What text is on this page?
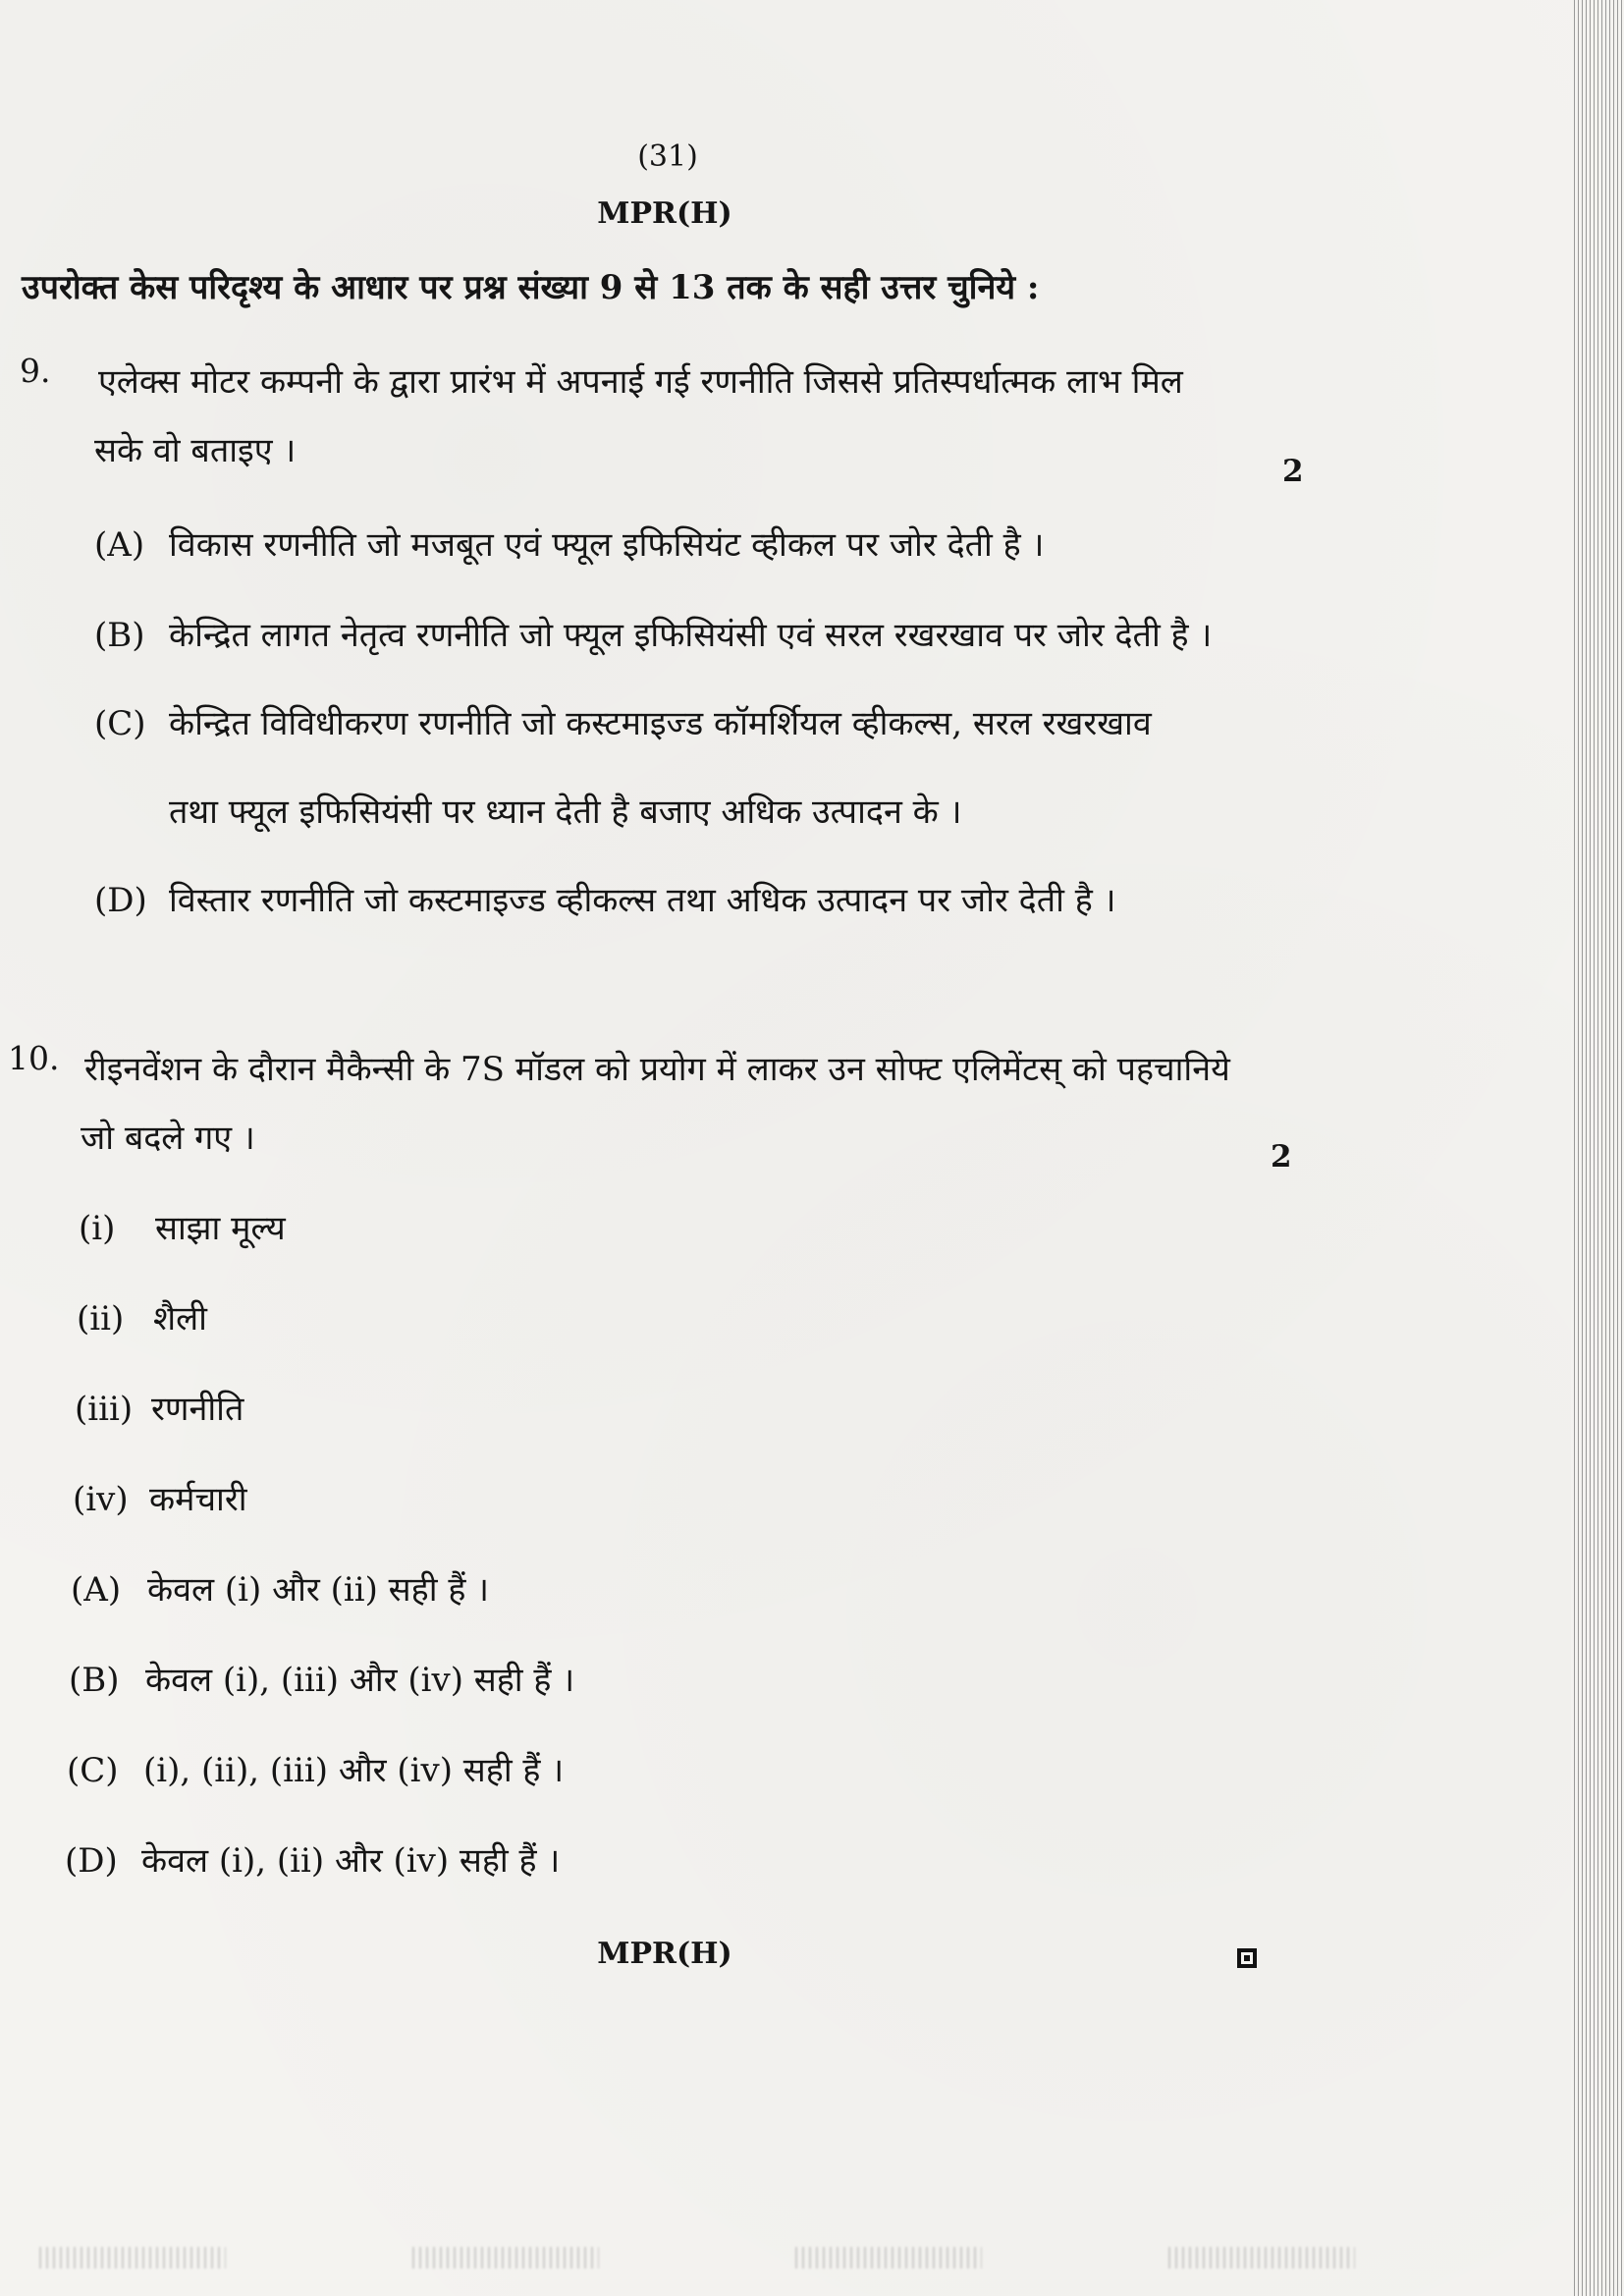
(31)
MPR(H)
उपरोक्त केस परिदृश्य के आधार पर प्रश्न संख्या 9 से 13 तक के सही उत्तर चुनिये :
9. एलेक्स मोटर कम्पनी के द्वारा प्रारंभ में अपनाई गई रणनीति जिससे प्रतिस्पर्धात्मक लाभ मिल
सके वो बताइए ।
2
(A) विकास रणनीति जो मजबूत एवं फ्यूल इफिसियंट व्हीकल पर जोर देती है ।
(B) केन्द्रित लागत नेतृत्व रणनीति जो फ्यूल इफिसियंसी एवं सरल रखरखाव पर जोर देती है ।
(C) केन्द्रित विविधीकरण रणनीति जो कस्टमाइज्ड कॉमर्शियल व्हीकल्स, सरल रखरखाव
तथा फ्यूल इफिसियंसी पर ध्यान देती है बजाए अधिक उत्पादन के ।
(D) विस्तार रणनीति जो कस्टमाइज्ड व्हीकल्स तथा अधिक उत्पादन पर जोर देती है ।
10. रीइनवेंशन के दौरान मैकैन्सी के 7S मॉडल को प्रयोग में लाकर उन सोफ्ट एलिमेंटस् को पहचानिये
जो बदले गए ।	2
(i) साझा मूल्य
(ii) शैली
(iii) रणनीति
(iv) कर्मचारी
(A) केवल (i) और (ii) सही हैं ।
(B) केवल (i), (iii) और (iv) सही हैं ।
(C) (i), (ii), (iii) और (iv) सही हैं ।
(D) केवल (i), (ii) और (iv) सही हैं ।
MPR(H)
